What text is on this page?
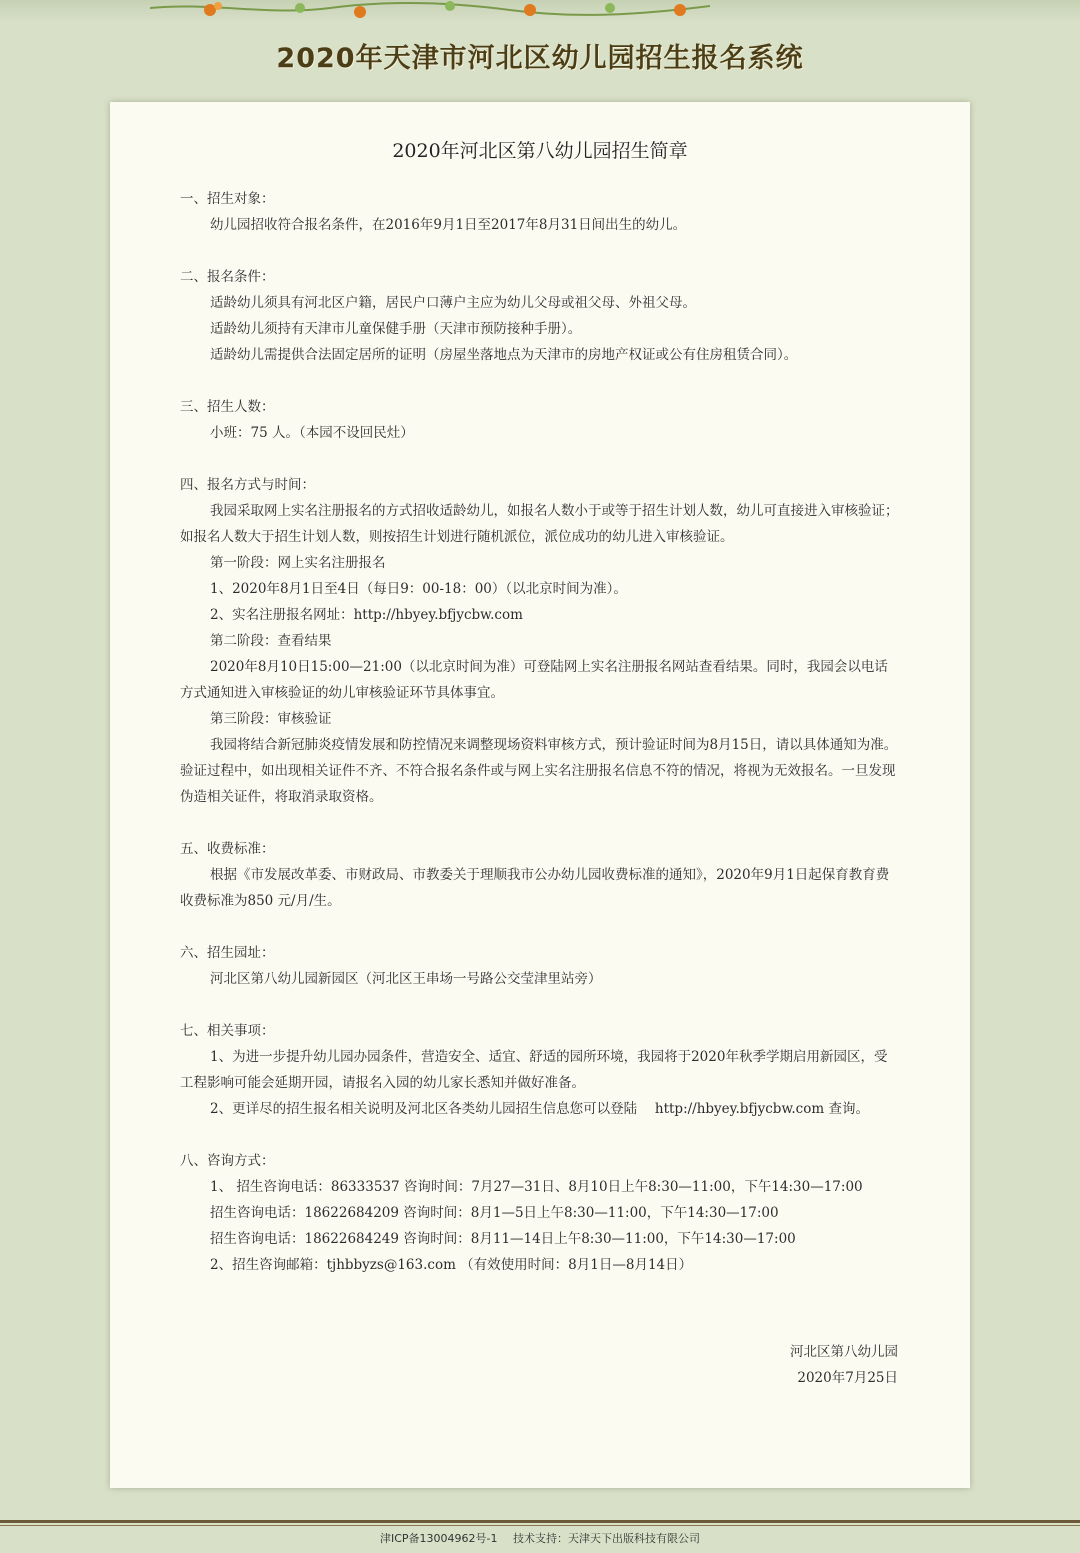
2020年天津市河北区幼儿园招生报名系统
2020年河北区第八幼儿园招生简章

一、招生对象：

幼儿园招收符合报名条件，在2016年9月1日至2017年8月31日间出生的幼儿。

二、报名条件：

适龄幼儿须具有河北区户籍，居民户口薄户主应为幼儿父母或祖父母、外祖父母。

适龄幼儿须持有天津市儿童保健手册（天津市预防接种手册）。

适龄幼儿需提供合法固定居所的证明（房屋坐落地点为天津市的房地产权证或公有住房租赁合同）。

三、招生人数：

小班：75 人。（本园不设回民灶）

四、报名方式与时间：

我园采取网上实名注册报名的方式招收适龄幼儿，如报名人数小于或等于招生计划人数，幼儿可直接进入审核验证；如报名人数大于招生计划人数，则按招生计划进行随机派位，派位成功的幼儿进入审核验证。

第一阶段：网上实名注册报名

1、2020年8月1日至4日（每日9：00-18：00）（以北京时间为准）。

2、实名注册报名网址：http://hbyey.bfjycbw.com

第二阶段：查看结果

2020年8月10日15:00—21:00（以北京时间为准）可登陆网上实名注册报名网站查看结果。同时，我园会以电话方式通知进入审核验证的幼儿审核验证环节具体事宜。

第三阶段：审核验证

我园将结合新冠肺炎疫情发展和防控情况来调整现场资料审核方式，预计验证时间为8月15日，请以具体通知为准。验证过程中，如出现相关证件不齐、不符合报名条件或与网上实名注册报名信息不符的情况，将视为无效报名。一旦发现伪造相关证件，将取消录取资格。

五、收费标准：

根据《市发展改革委、市财政局、市教委关于理顺我市公办幼儿园收费标准的通知》，2020年9月1日起保育教育费收费标准为850 元/月/生。

六、招生园址：

河北区第八幼儿园新园区（河北区王串场一号路公交莹津里站旁）

七、相关事项：

1、为进一步提升幼儿园办园条件，营造安全、适宜、舒适的园所环境，我园将于2020年秋季学期启用新园区，受工程影响可能会延期开园，请报名入园的幼儿家长悉知并做好准备。

2、更详尽的招生报名相关说明及河北区各类幼儿园招生信息您可以登陆　 http://hbyey.bfjycbw.com 查询。

八、咨询方式：

1、 招生咨询电话：86333537 咨询时间：7月27—31日、8月10日上午8:30—11:00，下午14:30—17:00

招生咨询电话：18622684209 咨询时间：8月1—5日上午8:30—11:00，下午14:30—17:00

招生咨询电话：18622684249 咨询时间：8月11—14日上午8:30—11:00，下午14:30—17:00

2、招生咨询邮箱：tjhbbyzs@163.com （有效使用时间：8月1日—8月14日）

河北区第八幼儿园
2020年7月25日
津ICP备13004962号-1 技术支持：天津天下出版科技有限公司
